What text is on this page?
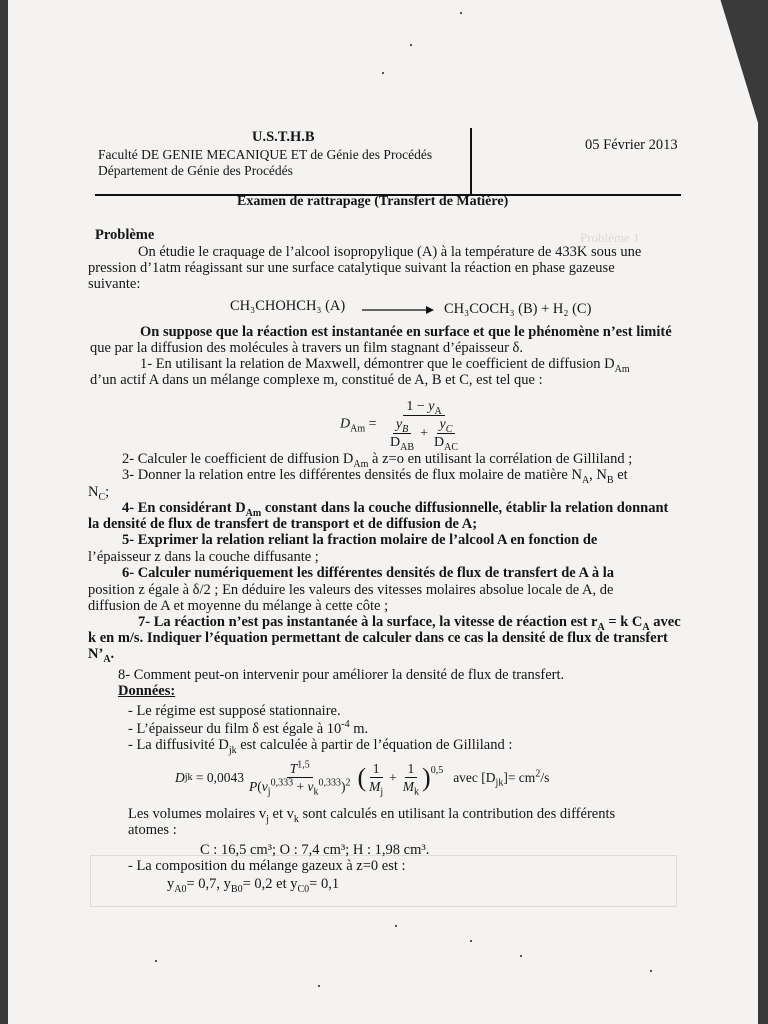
Problème 1
U.S.T.H.B
Faculté DE GENIE MECANIQUE ET de Génie des Procédés
Département de Génie des Procédés
05 Février 2013
Examen de rattrapage (Transfert de Matière)
Problème
On étudie le craquage de l’alcool isopropylique (A) à la température de 433K sous une
pression d’1atm réagissant sur une surface catalytique suivant la réaction en phase gazeuse
suivante:
CH₃CHOHCH₃ (A)	CH₃COCH₃ (B) + H₂ (C)
On suppose que la réaction est instantanée en surface et que le phénomène n’est limité
que par la diffusion des molécules à travers un film stagnant d’épaisseur δ.
1- En utilisant la relation de Maxwell, démontrer que le coefficient de diffusion $D_{Am}$
d’un actif A dans un mélange complexe m, constitué de A, B et C, est tel que :
$D_{Am} = \frac{1 - y_A}{\frac{y_B}{D_{AB}} + \frac{y_C}{D_{AC}}}$
2- Calculer le coefficient de diffusion $D_{Am}$ à z=o en utilisant la corrélation de Gilliland ;
3- Donner la relation entre les différentes densités de flux molaire de matière $N_A$, $N_B$ et
$N_C$;
4- En considérant $D_{Am}$ constant dans la couche diffusionnelle, établir la relation donnant
la densité de flux de transfert de transport et de diffusion de A;
5- Exprimer la relation reliant la fraction molaire de l’alcool A en fonction de
l’épaisseur z dans la couche diffusante ;
6- Calculer numériquement les différentes densités de flux de transfert de A à la
position z égale à δ/2 ; En déduire les valeurs des vitesses molaires absolue locale de A, de
diffusion de A et moyenne du mélange à cette côte ;
7- La réaction n’est pas instantanée à la surface, la vitesse de réaction est $r_A = k$ $C_A$ avec
k en m/s. Indiquer l’équation permettant de calculer dans ce cas la densité de flux de transfert
$N’_A$.
8- Comment peut-on intervenir pour améliorer la densité de flux de transfert.
Données:
- Le régime est supposé stationnaire.
- L’épaisseur du film δ est égale à $10^{-4}$ m.
- La diffusivité $D_{jk}$ est calculée à partir de l’équation de Gilliland :
D jk
= $0,0043 \frac{T^{1,5}}{P(v_j^{0,333} + v_k^{0,333})^2}$ ( $\frac{1}{M_j} + \frac{1}{M_k}$ ) 0,5 avec $[D_{jk}]= cm^2/s$
Les volumes molaires $v_j$ et $v_k$ sont calculés en utilisant la contribution des différents
atomes :
C : 16,5 cm³; O : 7,4 cm³; H : 1,98 cm³.
- La composition du mélange gazeux à z=0 est :
$y_{A0}= 0,7$, $y_{B0}= 0,2$ et $y_{C0}= 0,1$
